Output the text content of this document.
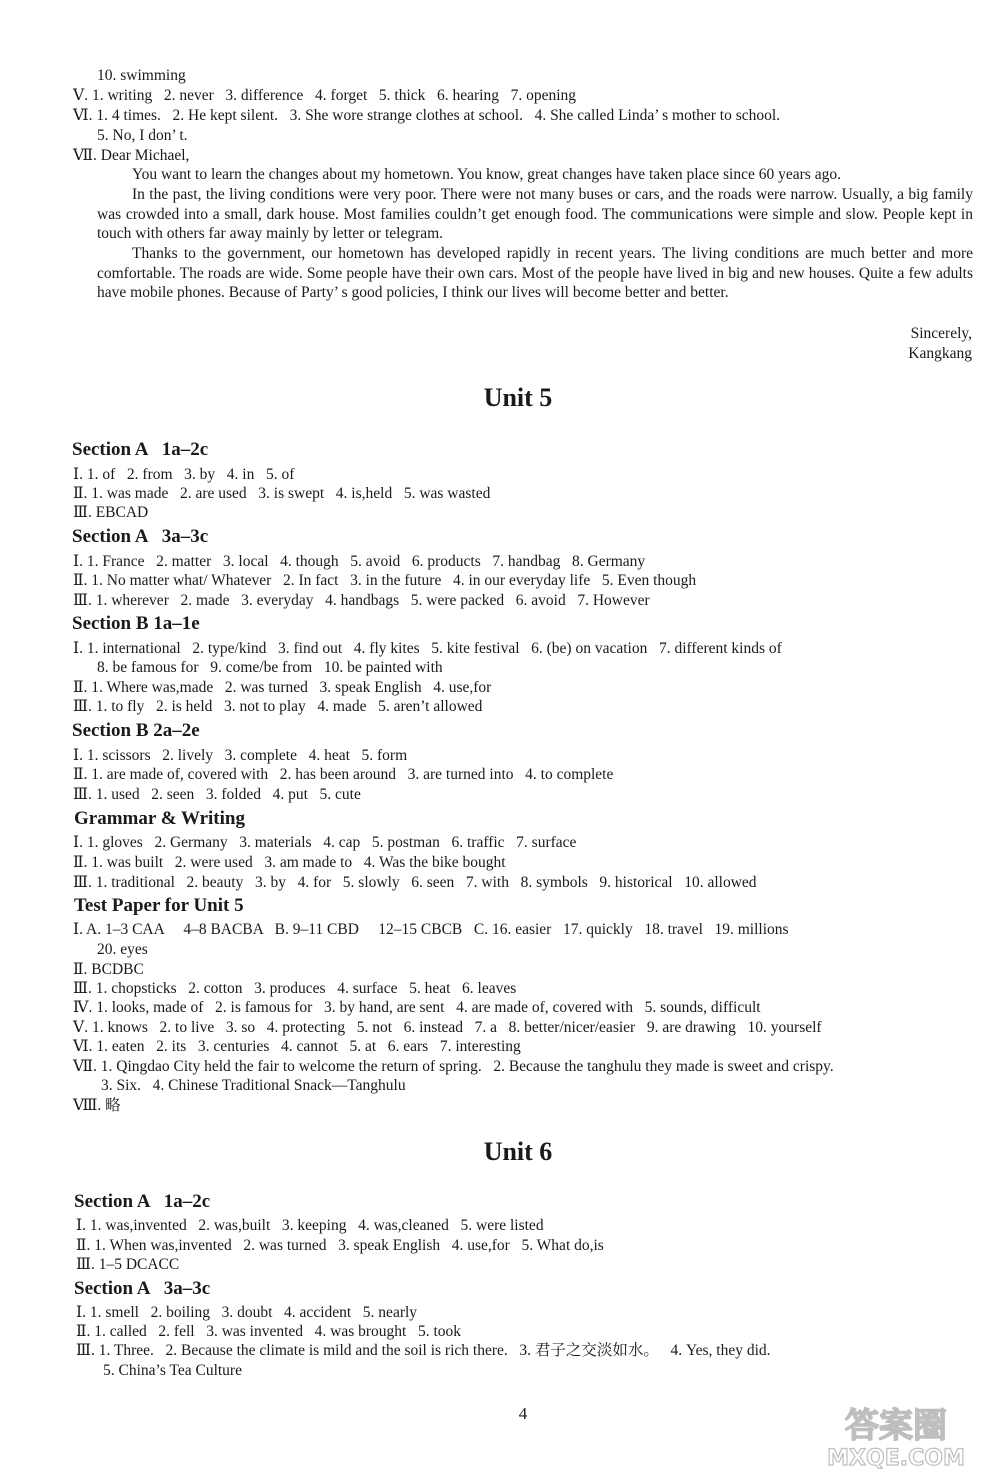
10. swimming
Ⅴ. 1. writing   2. never   3. difference   4. forget   5. thick   6. hearing   7. opening
Ⅵ. 1. 4 times.   2. He kept silent.   3. She wore strange clothes at school.   4. She called Linda’ s mother to school.
5. No, I don’ t.
Ⅶ. Dear Michael,
You want to learn the changes about my hometown. You know, great changes have taken place since 60 years ago.
In the past, the living conditions were very poor. There were not many buses or cars, and the roads were narrow. Usually, a big family was crowded into a small, dark house. Most families couldn’t get enough food. The communications were simple and slow. People kept in touch with others far away mainly by letter or telegram.
Thanks to the government, our hometown has developed rapidly in recent years. The living conditions are much better and more comfortable. The roads are wide. Some people have their own cars. Most of the people have lived in big and new houses. Quite a few adults have mobile phones. Because of Party’ s good policies, I think our lives will become better and better.
Sincerely,
Kangkang
Unit 5
Section A   1a–2c
Ⅰ. 1. of   2. from   3. by   4. in   5. of
Ⅱ. 1. was made   2. are used   3. is swept   4. is,held   5. was wasted
Ⅲ. EBCAD
Section A   3a–3c
Ⅰ. 1. France   2. matter   3. local   4. though   5. avoid   6. products   7. handbag   8. Germany
Ⅱ. 1. No matter what/ Whatever   2. In fact   3. in the future   4. in our everyday life   5. Even though
Ⅲ. 1. wherever   2. made   3. everyday   4. handbags   5. were packed   6. avoid   7. However
Section B 1a–1e
Ⅰ. 1. international   2. type/kind   3. find out   4. fly kites   5. kite festival   6. (be) on vacation   7. different kinds of
8. be famous for   9. come/be from   10. be painted with
Ⅱ. 1. Where was,made   2. was turned   3. speak English   4. use,for
Ⅲ. 1. to fly   2. is held   3. not to play   4. made   5. aren’t allowed
Section B 2a–2e
Ⅰ. 1. scissors   2. lively   3. complete   4. heat   5. form
Ⅱ. 1. are made of, covered with   2. has been around   3. are turned into   4. to complete
Ⅲ. 1. used   2. seen   3. folded   4. put   5. cute
Grammar & Writing
Ⅰ. 1. gloves   2. Germany   3. materials   4. cap   5. postman   6. traffic   7. surface
Ⅱ. 1. was built   2. were used   3. am made to   4. Was the bike bought
Ⅲ. 1. traditional   2. beauty   3. by   4. for   5. slowly   6. seen   7. with   8. symbols   9. historical   10. allowed
Test Paper for Unit 5
Ⅰ. A. 1–3 CAA     4–8 BACBA   B. 9–11 CBD     12–15 CBCB   C. 16. easier   17. quickly   18. travel   19. millions
20. eyes
Ⅱ. BCDBC
Ⅲ. 1. chopsticks   2. cotton   3. produces   4. surface   5. heat   6. leaves
Ⅳ. 1. looks, made of   2. is famous for   3. by hand, are sent   4. are made of, covered with   5. sounds, difficult
Ⅴ. 1. knows   2. to live   3. so   4. protecting   5. not   6. instead   7. a   8. better/nicer/easier   9. are drawing   10. yourself
Ⅵ. 1. eaten   2. its   3. centuries   4. cannot   5. at   6. ears   7. interesting
Ⅶ. 1. Qingdao City held the fair to welcome the return of spring.   2. Because the tanghulu they made is sweet and crispy.
3. Six.   4. Chinese Traditional Snack—Tanghulu
Ⅷ. 略
Unit 6
Section A   1a–2c
Ⅰ. 1. was,invented   2. was,built   3. keeping   4. was,cleaned   5. were listed
Ⅱ. 1. When was,invented   2. was turned   3. speak English   4. use,for   5. What do,is
Ⅲ. 1–5 DCACC
Section A   3a–3c
Ⅰ. 1. smell   2. boiling   3. doubt   4. accident   5. nearly
Ⅱ. 1. called   2. fell   3. was invented   4. was brought   5. took
Ⅲ. 1. Three.   2. Because the climate is mild and the soil is rich there.   3. 君子之交淡如水。   4. Yes, they did.
5. China’s Tea Culture
4	答案圈
MXQE.COM
